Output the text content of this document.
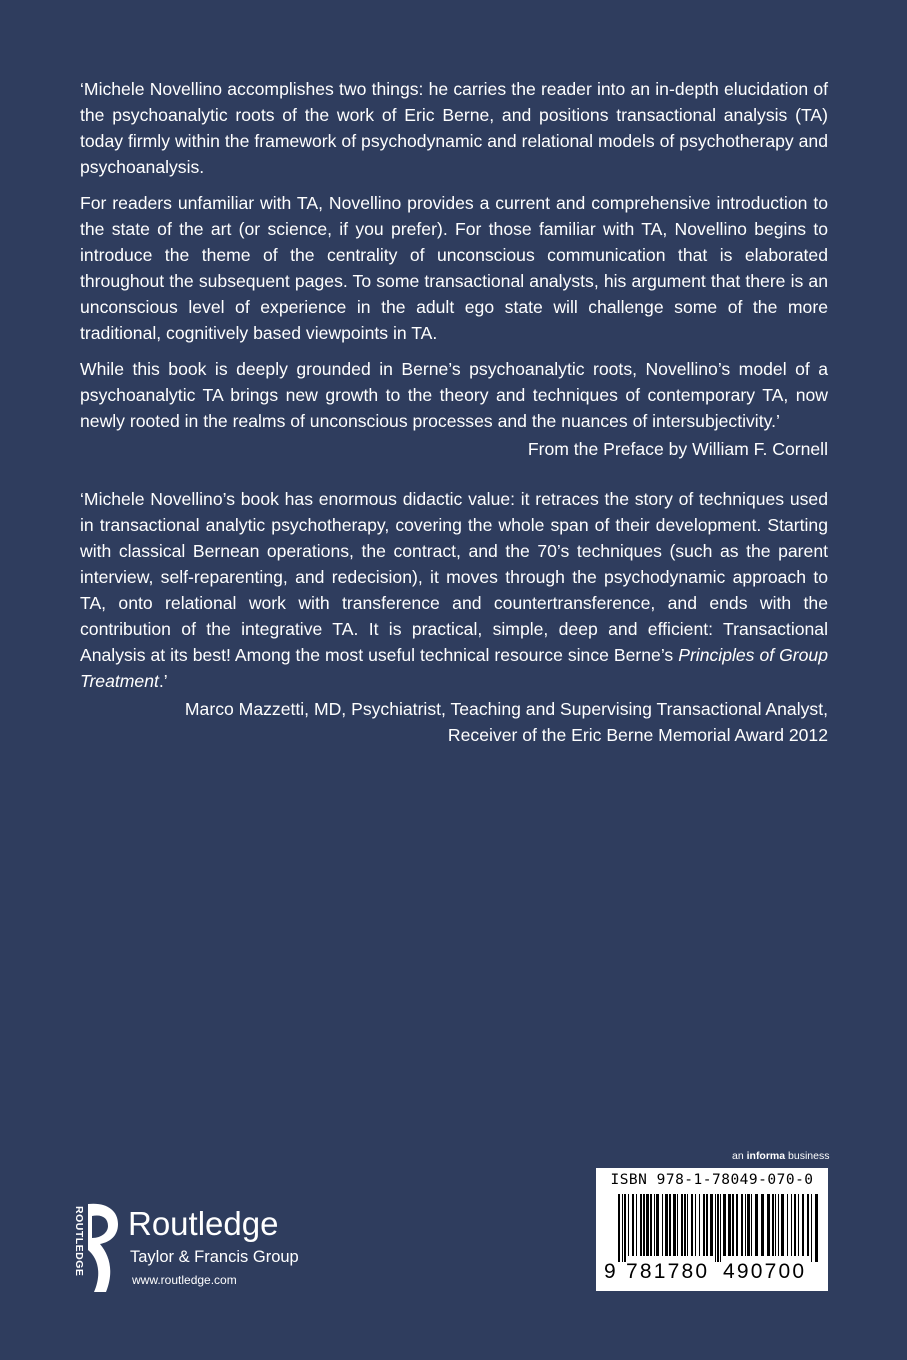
‘Michele Novellino accomplishes two things: he carries the reader into an in-depth elucidation of the psychoanalytic roots of the work of Eric Berne, and positions transactional analysis (TA) today firmly within the framework of psychodynamic and relational models of psychotherapy and psychoanalysis.

For readers unfamiliar with TA, Novellino provides a current and comprehensive introduction to the state of the art (or science, if you prefer). For those familiar with TA, Novellino begins to introduce the theme of the centrality of unconscious communication that is elaborated throughout the subsequent pages. To some transactional analysts, his argument that there is an unconscious level of experience in the adult ego state will challenge some of the more traditional, cognitively based viewpoints in TA.

While this book is deeply grounded in Berne’s psychoanalytic roots, Novellino’s model of a psychoanalytic TA brings new growth to the theory and techniques of contemporary TA, now newly rooted in the realms of unconscious processes and the nuances of intersubjectivity.’

From the Preface by William F. Cornell

‘Michele Novellino’s book has enormous didactic value: it retraces the story of techniques used in transactional analytic psychotherapy, covering the whole span of their development. Starting with classical Bernean operations, the contract, and the 70’s techniques (such as the parent interview, self-reparenting, and redecision), it moves through the psychodynamic approach to TA, onto relational work with transference and countertransference, and ends with the contribution of the integrative TA. It is practical, simple, deep and efficient: Transactional Analysis at its best! Among the most useful technical resource since Berne’s Principles of Group Treatment.’

Marco Mazzetti, MD, Psychiatrist, Teaching and Supervising Transactional Analyst,
Receiver of the Eric Berne Memorial Award 2012
an informa business
ISBN 978-1-78049-070-0
9 781780 490700
ROUTLEDGE Routledge
Taylor & Francis Group
www.routledge.com
